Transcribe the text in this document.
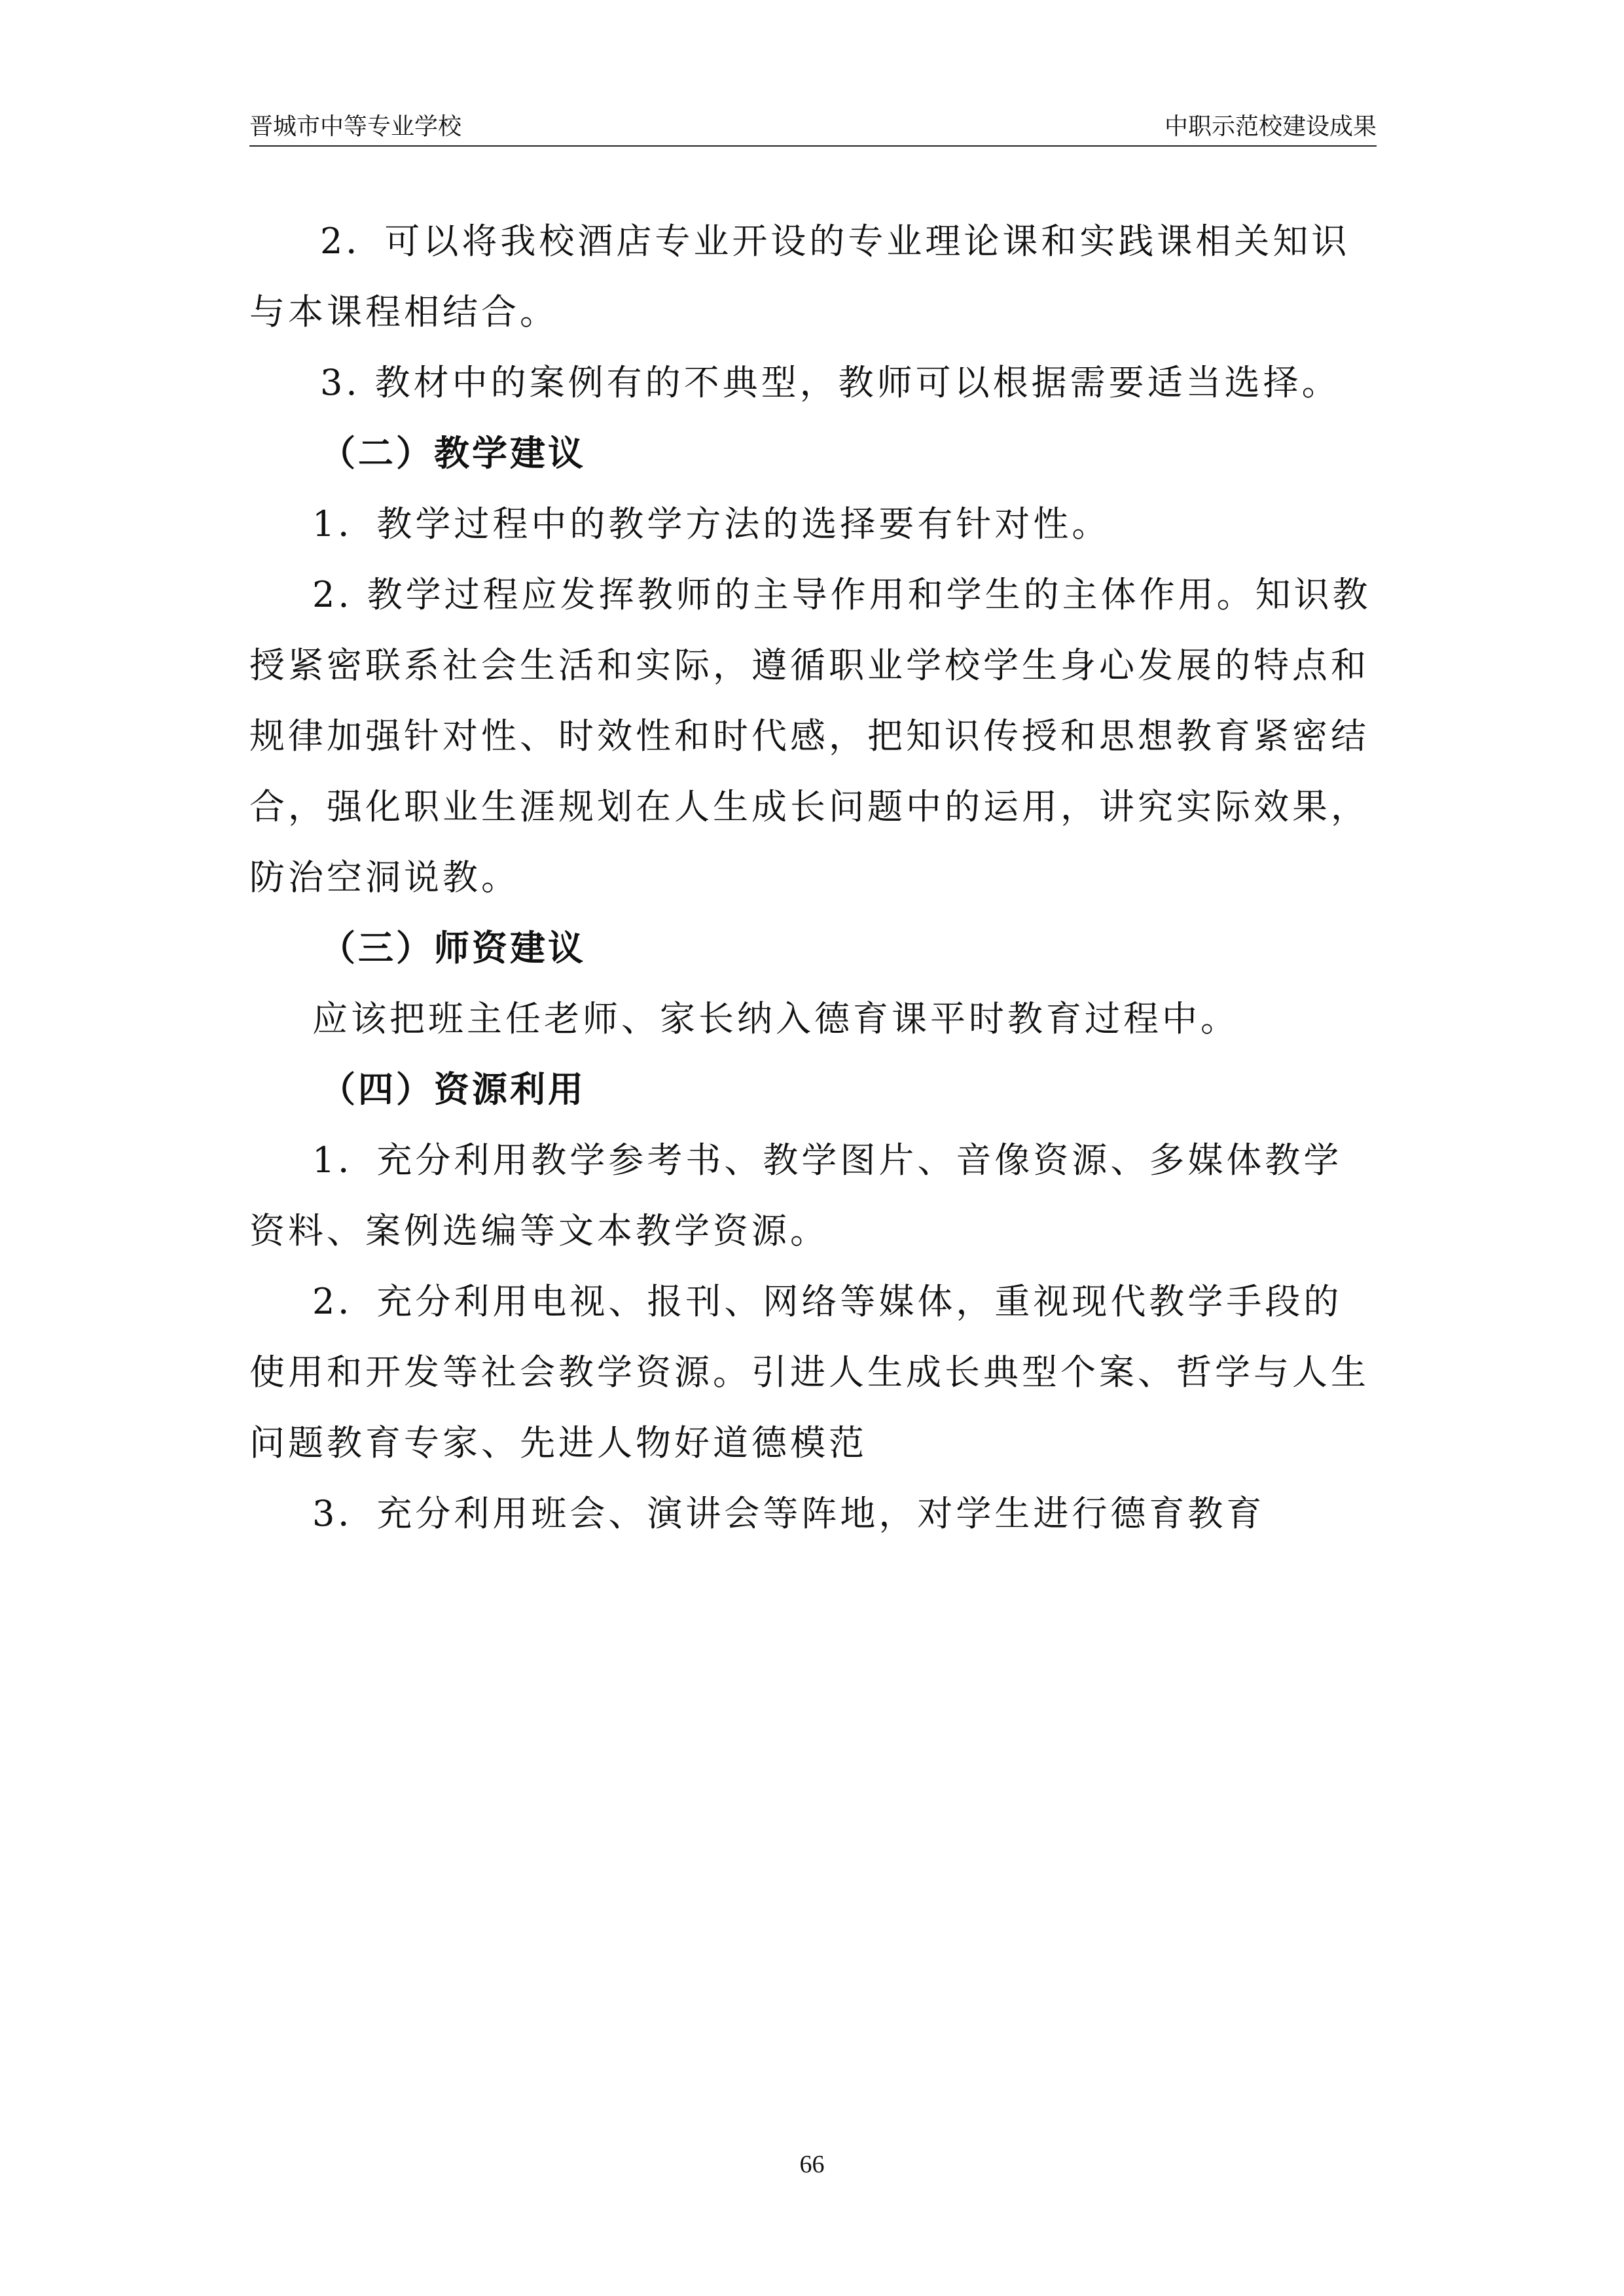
晋城市中等专业学校	中职示范校建设成果

2．可以将我校酒店专业开设的专业理论课和实践课相关知识与本课程相结合。

3. 教材中的案例有的不典型，教师可以根据需要适当选择。

（二）教学建议

1．教学过程中的教学方法的选择要有针对性。

2. 教学过程应发挥教师的主导作用和学生的主体作用。知识教授紧密联系社会生活和实际，遵循职业学校学生身心发展的特点和规律加强针对性、时效性和时代感，把知识传授和思想教育紧密结合，强化职业生涯规划在人生成长问题中的运用，讲究实际效果，防治空洞说教。

（三）师资建议

应该把班主任老师、家长纳入德育课平时教育过程中。

（四）资源利用

1．充分利用教学参考书、教学图片、音像资源、多媒体教学资料、案例选编等文本教学资源。

2．充分利用电视、报刊、网络等媒体，重视现代教学手段的使用和开发等社会教学资源。引进人生成长典型个案、哲学与人生问题教育专家、先进人物好道德模范

3．充分利用班会、演讲会等阵地，对学生进行德育教育

66
